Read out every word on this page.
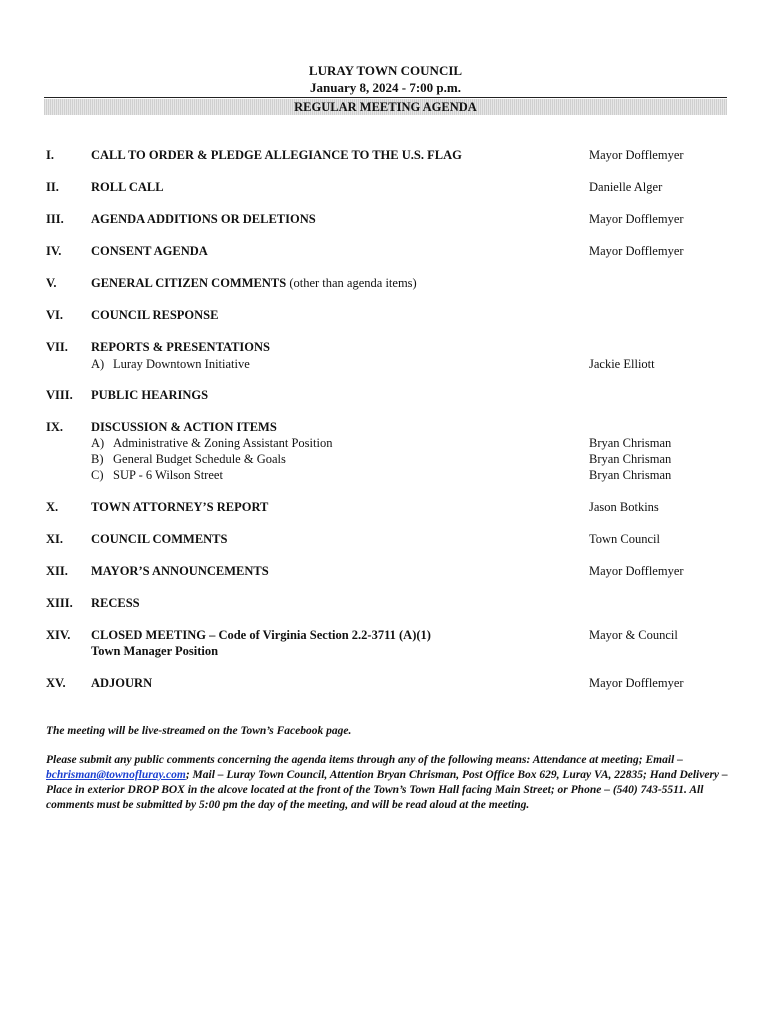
LURAY TOWN COUNCIL
January 8, 2024 - 7:00 p.m.
REGULAR MEETING AGENDA
I.	CALL TO ORDER & PLEDGE ALLEGIANCE TO THE U.S. FLAG	Mayor Dofflemyer
II.	ROLL CALL	Danielle Alger
III. AGENDA ADDITIONS OR DELETIONS	Mayor Dofflemyer
IV. CONSENT AGENDA	Mayor Dofflemyer
V.	GENERAL CITIZEN COMMENTS (other than agenda items)
VI. COUNCIL RESPONSE
VII. REPORTS & PRESENTATIONS
A) Luray Downtown Initiative	Jackie Elliott
VIII. PUBLIC HEARINGS
IX. DISCUSSION & ACTION ITEMS
A) Administrative & Zoning Assistant Position	Bryan Chrisman
B) General Budget Schedule & Goals	Bryan Chrisman
C) SUP - 6 Wilson Street	Bryan Chrisman
X.	TOWN ATTORNEY’S REPORT	Jason Botkins
XI. COUNCIL COMMENTS	Town Council
XII. MAYOR’S ANNOUNCEMENTS	Mayor Dofflemyer
XIII. RECESS
XIV. CLOSED MEETING – Code of Virginia Section 2.2-3711 (A)(1)	Mayor & Council
Town Manager Position
XV. ADJOURN	Mayor Dofflemyer
The meeting will be live-streamed on the Town’s Facebook page.
Please submit any public comments concerning the agenda items through any of the following means: Attendance at meeting; Email – bchrisman@townofluray.com; Mail – Luray Town Council, Attention Bryan Chrisman, Post Office Box 629, Luray VA, 22835; Hand Delivery – Place in exterior DROP BOX in the alcove located at the front of the Town’s Town Hall facing Main Street; or Phone – (540) 743-5511. All comments must be submitted by 5:00 pm the day of the meeting, and will be read aloud at the meeting.
